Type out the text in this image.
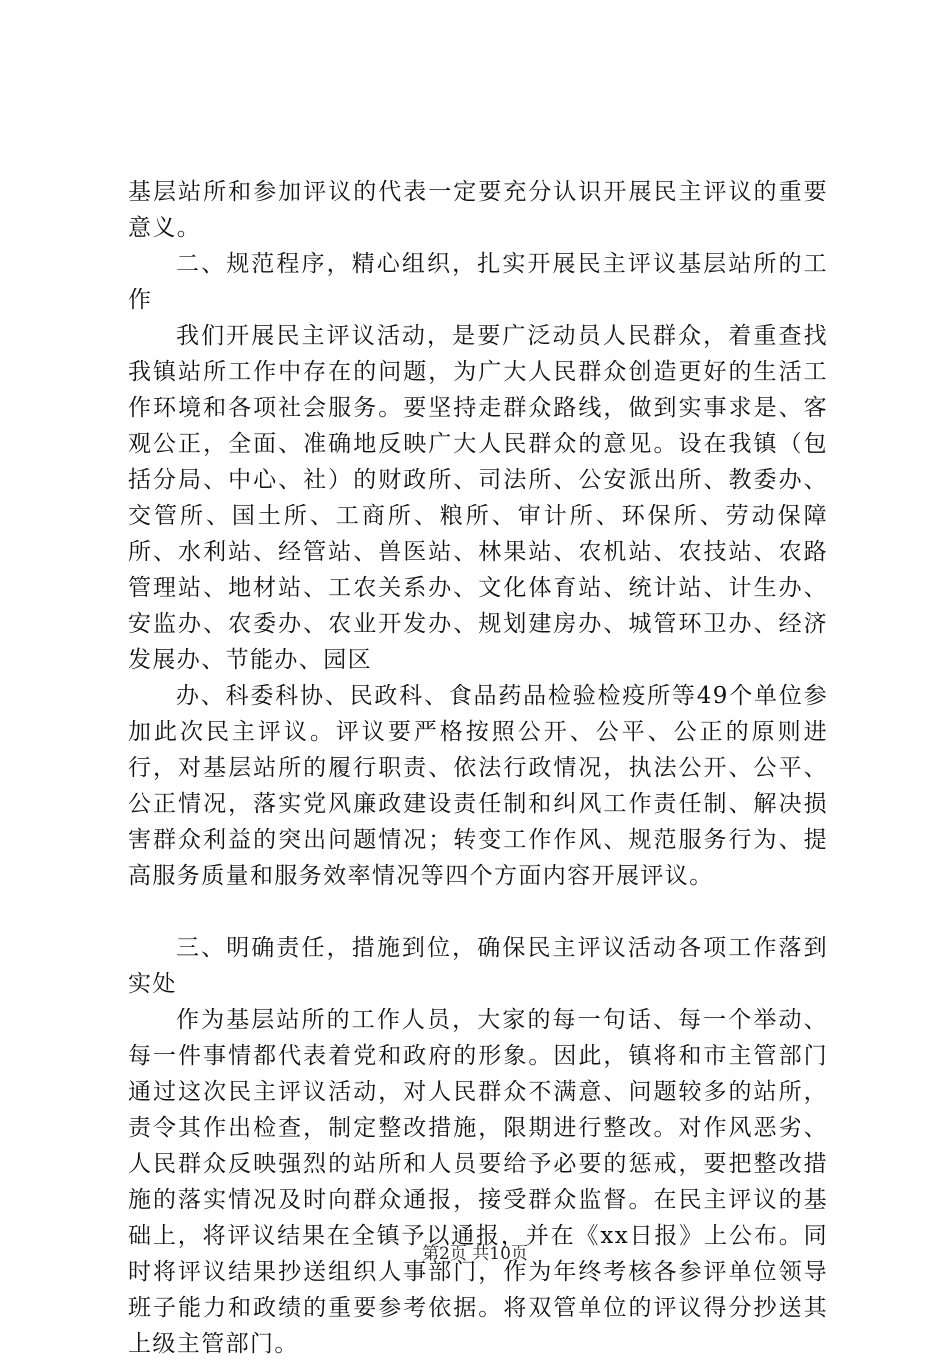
基层站所和参加评议的代表一定要充分认识开展民主评议的重要意义。

二、规范程序，精心组织，扎实开展民主评议基层站所的工作

我们开展民主评议活动，是要广泛动员人民群众，着重查找我镇站所工作中存在的问题，为广大人民群众创造更好的生活工作环境和各项社会服务。要坚持走群众路线，做到实事求是、客观公正，全面、准确地反映广大人民群众的意见。设在我镇（包括分局、中心、社）的财政所、司法所、公安派出所、教委办、交管所、国土所、工商所、粮所、审计所、环保所、劳动保障所、水利站、经管站、兽医站、林果站、农机站、农技站、农路管理站、地材站、工农关系办、文化体育站、统计站、计生办、安监办、农委办、农业开发办、规划建房办、城管环卫办、经济发展办、节能办、园区

办、科委科协、民政科、食品药品检验检疫所等49个单位参加此次民主评议。评议要严格按照公开、公平、公正的原则进行，对基层站所的履行职责、依法行政情况，执法公开、公平、公正情况，落实党风廉政建设责任制和纠风工作责任制、解决损害群众利益的突出问题情况；转变工作作风、规范服务行为、提高服务质量和服务效率情况等四个方面内容开展评议。

三、明确责任，措施到位，确保民主评议活动各项工作落到实处

作为基层站所的工作人员，大家的每一句话、每一个举动、每一件事情都代表着党和政府的形象。因此，镇将和市主管部门通过这次民主评议活动，对人民群众不满意、问题较多的站所，责令其作出检查，制定整改措施，限期进行整改。对作风恶劣、人民群众反映强烈的站所和人员要给予必要的惩戒，要把整改措施的落实情况及时向群众通报，接受群众监督。在民主评议的基础上，将评议结果在全镇予以通报，并在《xx日报》上公布。同时将评议结果抄送组织人事部门，作为年终考核各参评单位领导班子能力和政绩的重要参考依据。将双管单位的评议得分抄送其上级主管部门。

第2页 共10页
